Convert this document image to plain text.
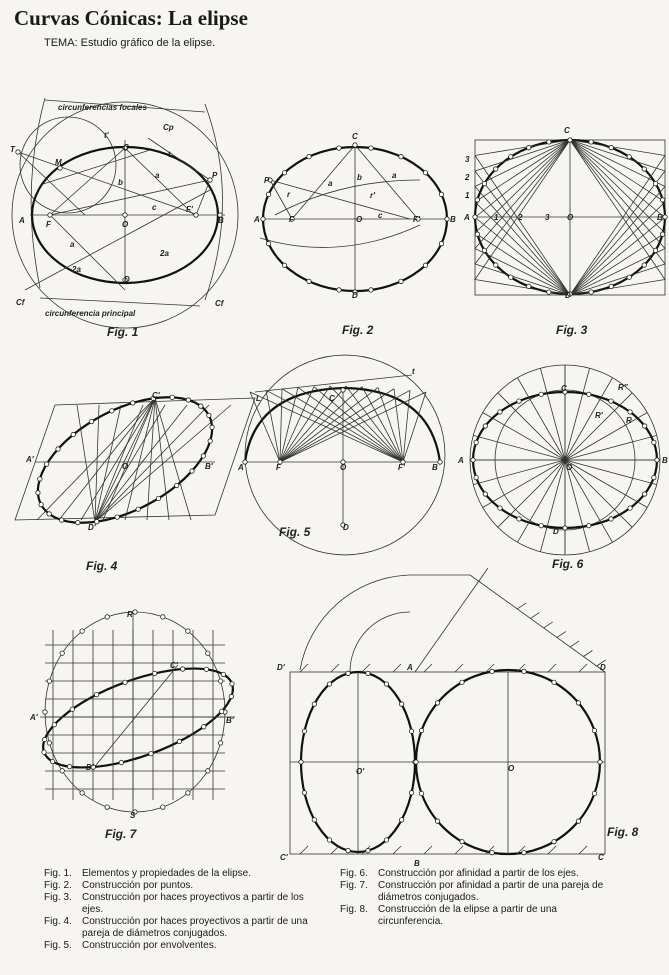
Curvas Cónicas: La elipse
TEMA: Estudio gráfico de la elipse.
circunferencias focales
circunferencia principal
T
M
t'
Cp
C
t
b
a	P
A	F	O
c	F'
B
a
2a
2a
D
Cf	Cf
C
P
r
a
b	a
r'
A	F	O c	F'	B
D
C
3
2
1
A	1 2	3 O	B
D
C'
A'
O	B'
D'
t
L	C
A	F	O	F'	B
D
R''
C
R'
R
A
O
B
D
R
C'
A'	B'
D'
S
D'	A	D
O'	O
C'
B
C
Fig. 1	Fig. 2	Fig. 3
Fig. 4
Fig. 5
Fig. 6
Fig. 7	Fig. 8
Fig. 1.	Elementos y propiedades de la elipse.
Fig. 2.	Construcción por puntos.
Fig. 3.	Construcción por haces proyectivos a partir de los ejes.
Fig. 4.	Construcción por haces proyectivos a partir de una pareja de diámetros conjugados.
Fig. 5.	Construcción por envolventes.
Fig. 6.	Construcción por afinidad a partir de los ejes.
Fig. 7.	Construcción por afinidad a partir de una pareja de diámetros conjugados.
Fig. 8.	Construcción de la elipse a partir de una circunferencia.
